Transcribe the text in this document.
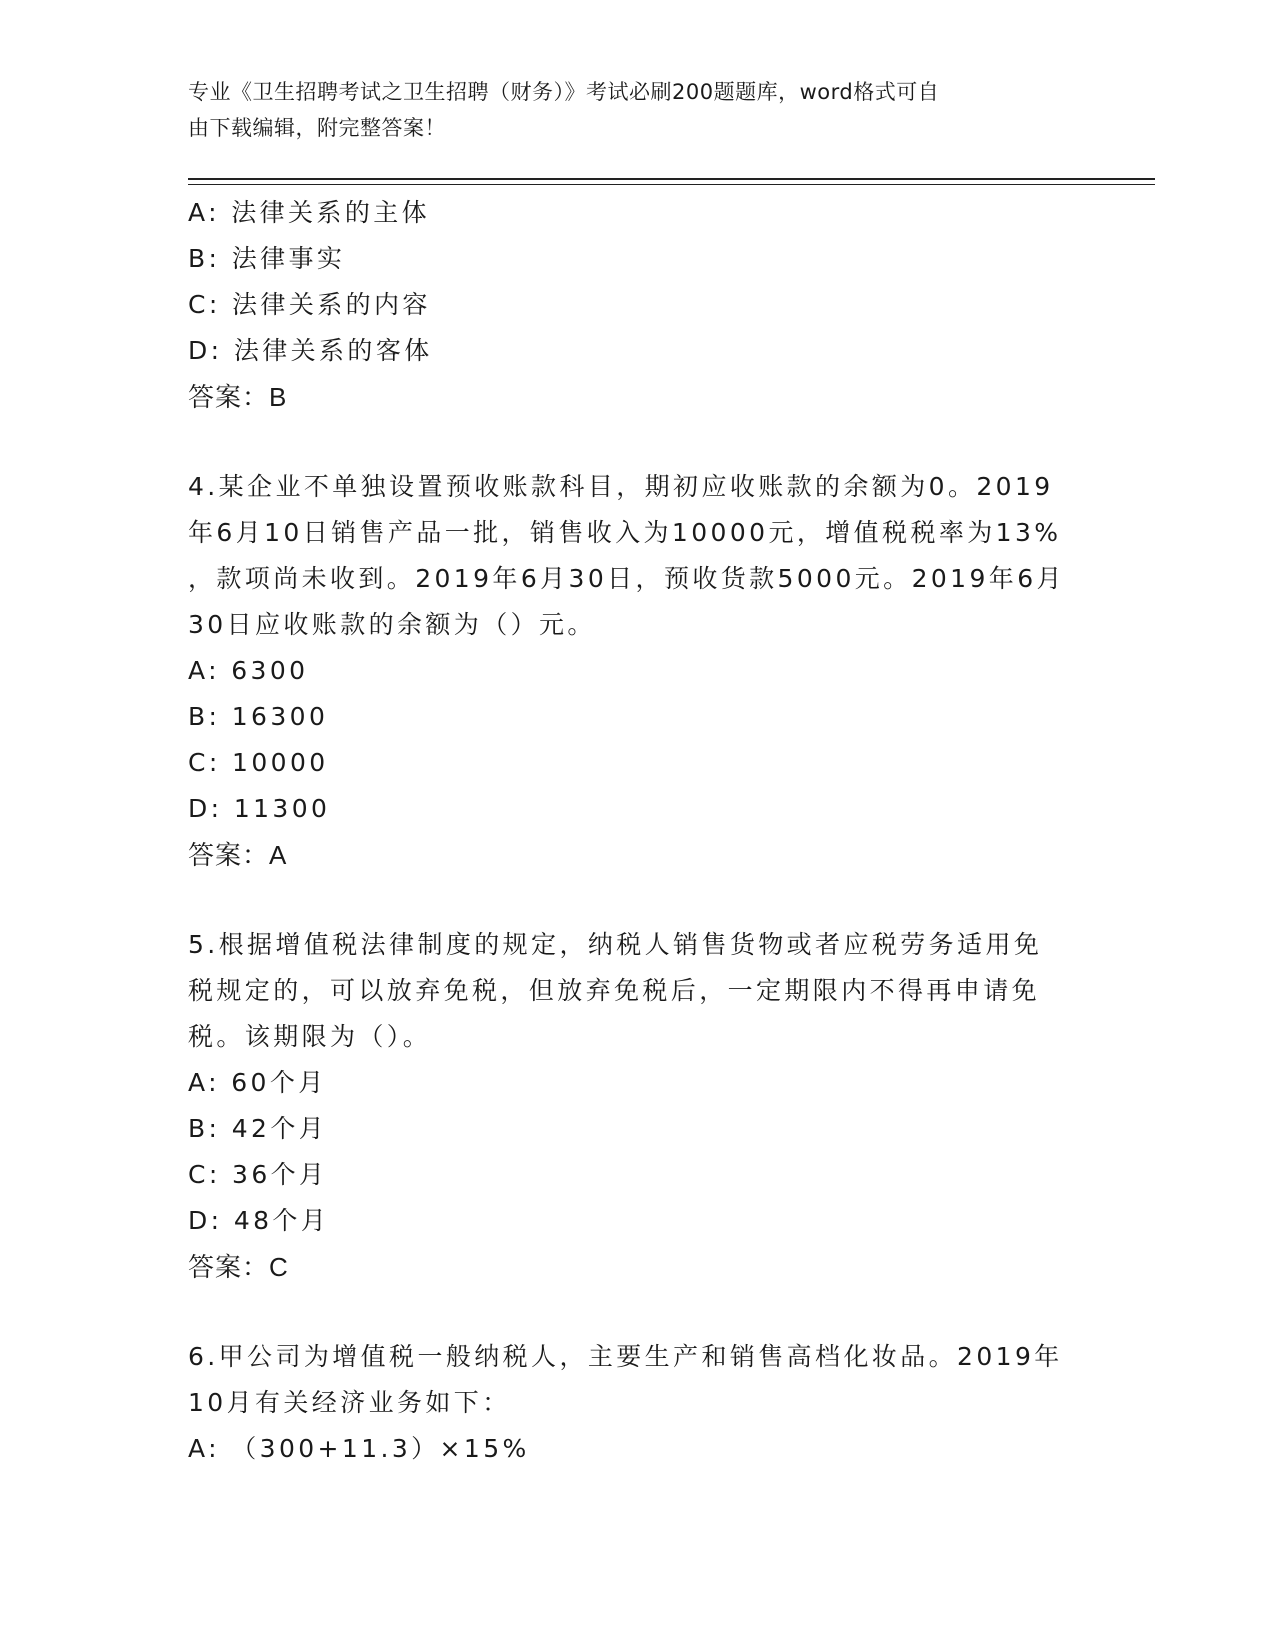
专业《卫生招聘考试之卫生招聘（财务）》考试必刷200题题库，word格式可自
由下载编辑，附完整答案！
A: 法律关系的主体
B: 法律事实
C: 法律关系的内容
D: 法律关系的客体
答案：B
4.某企业不单独设置预收账款科目，期初应收账款的余额为0。2019
年6月10日销售产品一批，销售收入为10000元，增值税税率为13%
，款项尚未收到。2019年6月30日，预收货款5000元。2019年6月
30日应收账款的余额为（）元。
A: 6300
B: 16300
C: 10000
D: 11300
答案：A
5.根据增值税法律制度的规定，纳税人销售货物或者应税劳务适用免
税规定的，可以放弃免税，但放弃免税后，一定期限内不得再申请免
税。该期限为（）。
A: 60个月
B: 42个月
C: 36个月
D: 48个月
答案：C
6.甲公司为增值税一般纳税人，主要生产和销售高档化妆品。2019年
10月有关经济业务如下：
A: （300+11.3）×15%
